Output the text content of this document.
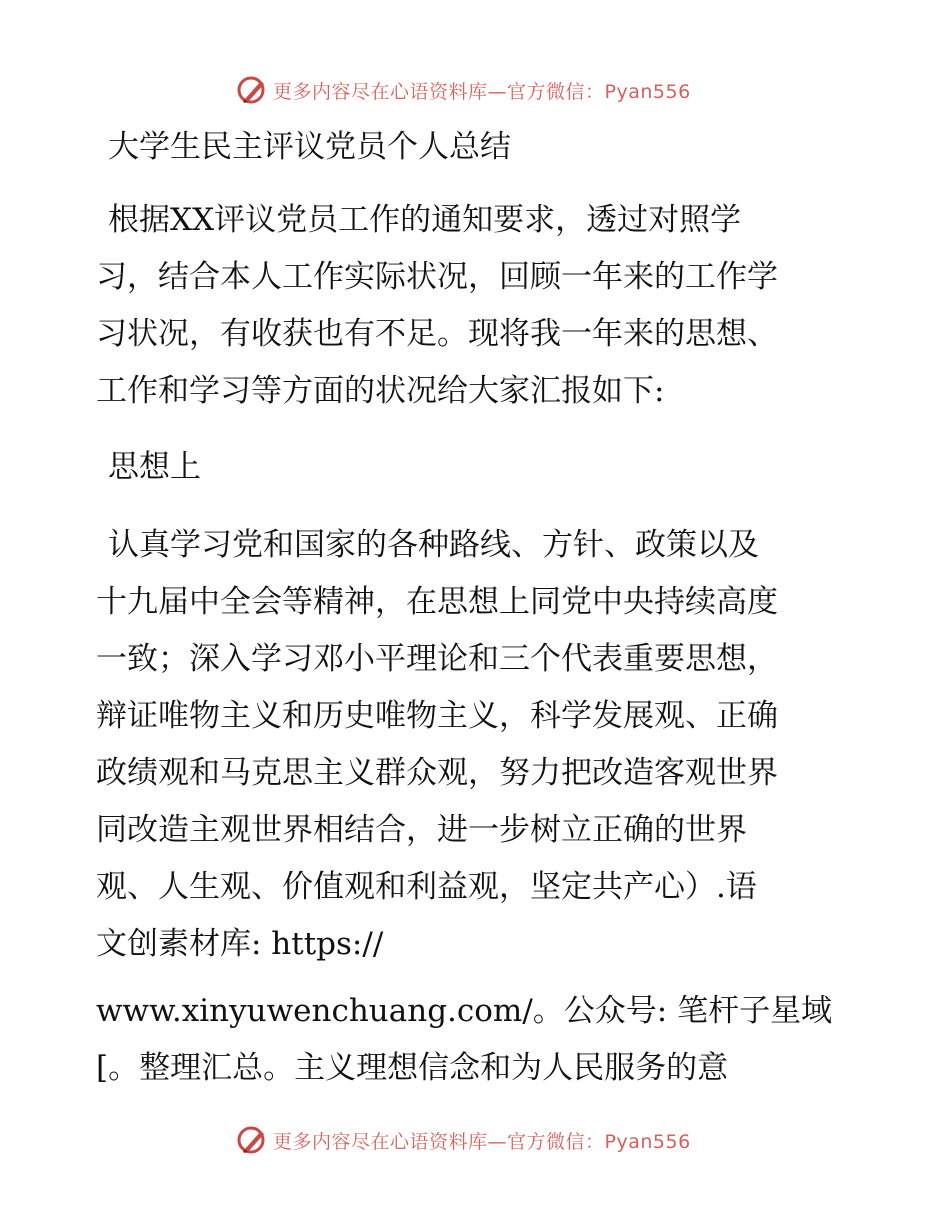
更多内容尽在心语资料库—官方微信：Pyan556
大学生民主评议党员个人总结
根据XX评议党员工作的通知要求，透过对照学
习，结合本人工作实际状况，回顾一年来的工作学
习状况，有收获也有不足。现将我一年来的思想、
工作和学习等方面的状况给大家汇报如下:
思想上
认真学习党和国家的各种路线、方针、政策以及
十九届中全会等精神，在思想上同党中央持续高度
一致；深入学习邓小平理论和三个代表重要思想，
辩证唯物主义和历史唯物主义，科学发展观、正确
政绩观和马克思主义群众观，努力把改造客观世界
同改造主观世界相结合，进一步树立正确的世界
观、人生观、价值观和利益观，坚定共产心）.语
文创素材库: https://
www.xinyuwenchuang.com/。公众号: 笔杆子星域
[。整理汇总。主义理想信念和为人民服务的意
更多内容尽在心语资料库—官方微信：Pyan556
